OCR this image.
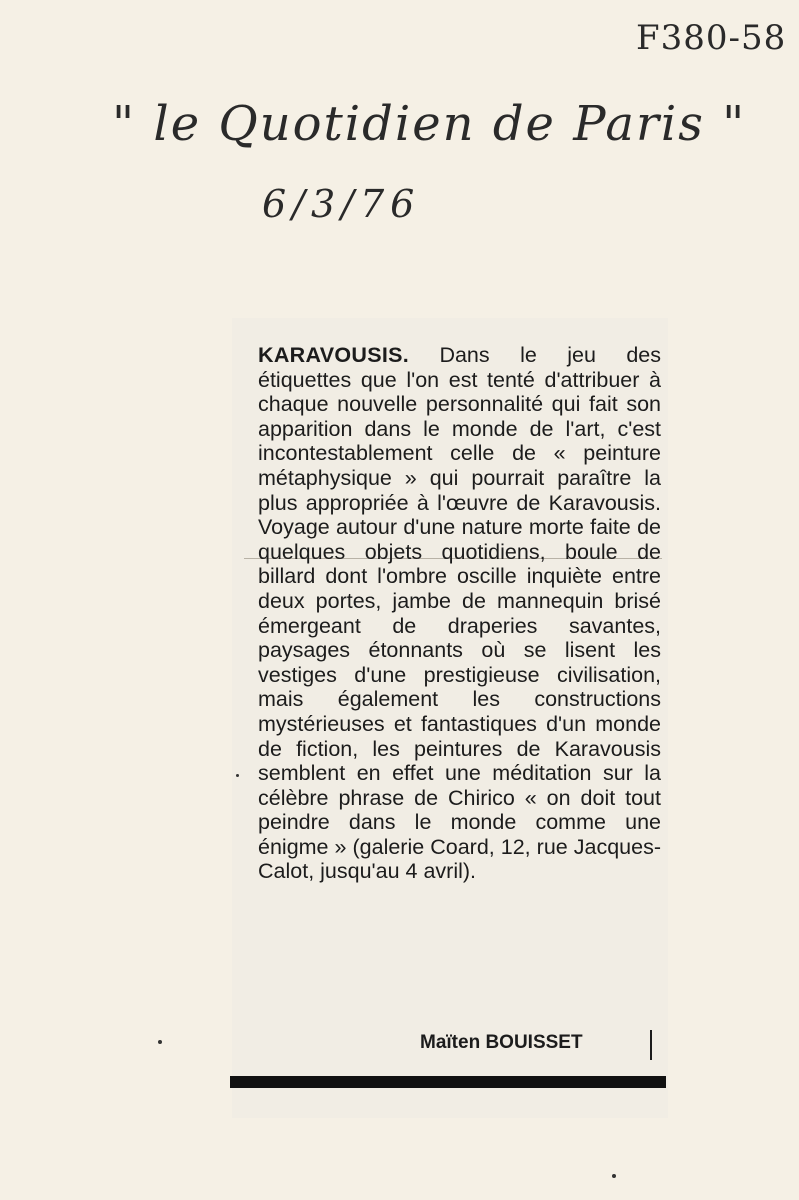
F380-58
" le Quotidien de Paris "
6/3/76

KARAVOUSIS. Dans le jeu des étiquettes que l'on est tenté d'attribuer à chaque nouvelle personnalité qui fait son apparition dans le monde de l'art, c'est incontestablement celle de « peinture métaphysique » qui pourrait paraître la plus appropriée à l'œuvre de Karavousis. Voyage autour d'une nature morte faite de quelques objets quotidiens, boule de billard dont l'ombre oscille inquiète entre deux portes, jambe de mannequin brisé émergeant de draperies savantes, paysages étonnants où se lisent les vestiges d'une prestigieuse civilisation, mais également les constructions mystérieuses et fantastiques d'un monde de fiction, les peintures de Karavousis semblent en effet une méditation sur la célèbre phrase de Chirico « on doit tout peindre dans le monde comme une énigme » (galerie Coard, 12, rue Jacques-Calot, jusqu'au 4 avril).

Maïten BOUISSET
